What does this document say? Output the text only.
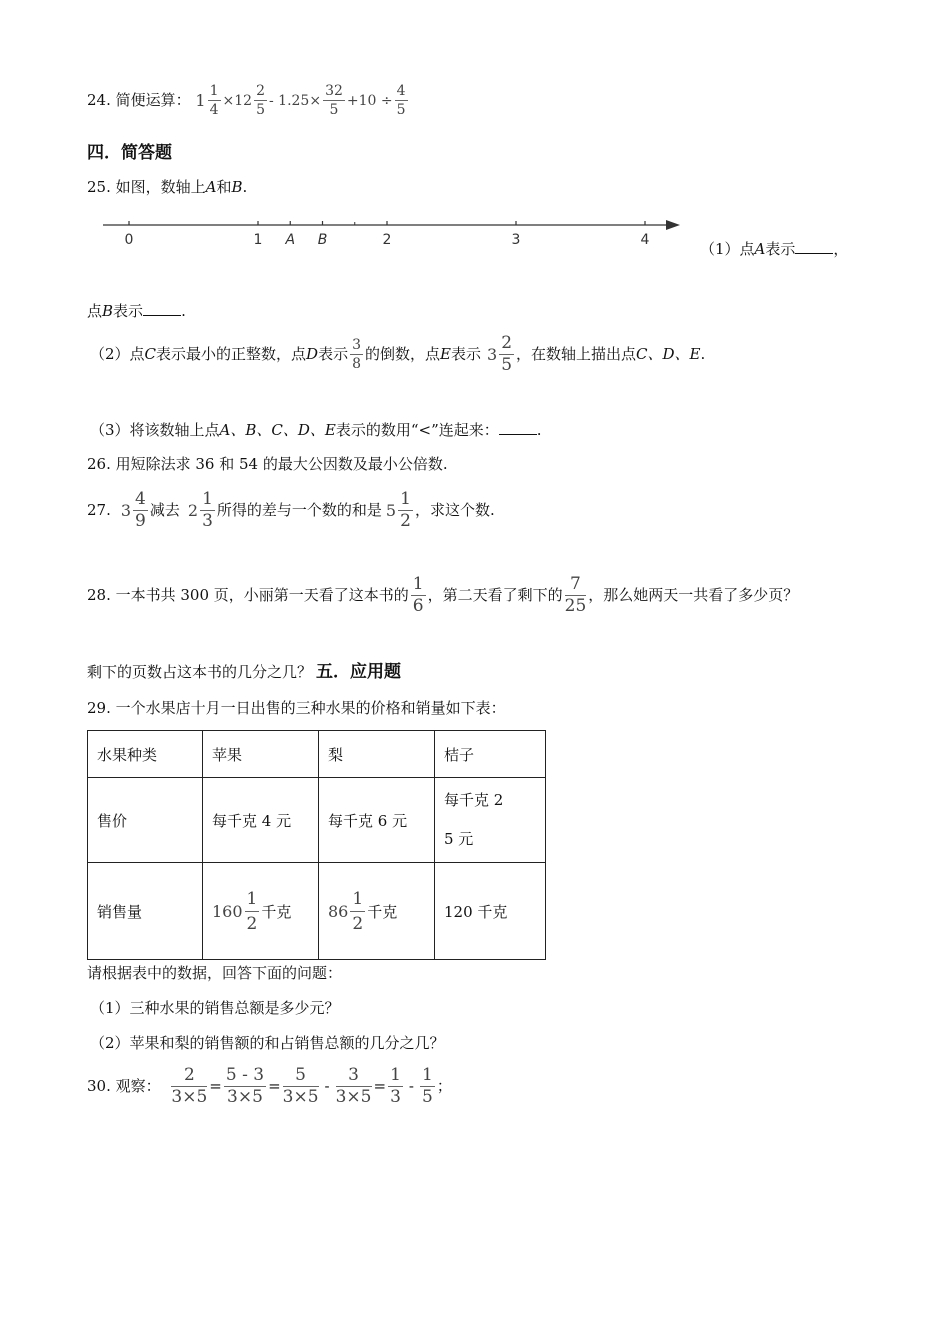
24. 简便运算： $1 \frac{1}{4} \times 12 \frac{2}{5} - 1.25\times \frac{32}{5} +10 \div \frac{4}{5}$
四．简答题
25. 如图，数轴上A和B.
0	1	2	3	4
A B	（1）点A表示	，
点B表示	.
（2）点C表示最小的正整数，点D表示 $\frac{3}{8}$ 的倒数，点E表示 $3 \frac{2}{5}$ ，在数轴上描出点C、D、E.
（3）将该数轴上点A、B、C、D、E表示的数用“<”连起来：	.
26. 用短除法求 36 和 54 的最大公因数及最小公倍数.
27. $3 \frac{4}{9}$ 减去 $2 \frac{1}{3}$ 所得的差与一个数的和是 $5 \frac{1}{2}$ ，求这个数.
28. 一本书共 300 页，小丽第一天看了这本书的 $\frac{1}{6}$ ，第二天看了剩下的 $\frac{7}{25}$ ，那么她两天一共看了多少页？
剩下的页数占这本书的几分之几？ 五．应用题
29. 一个水果店十月一日出售的三种水果的价格和销量如下表：
水果种类	苹果	梨	桔子
售价	每千克 4 元	每千克 6 元	每千克 2
5 元

销售量	$160 \frac{1}{2}$ 千克	$86 \frac{1}{2}$ 千克	120 千克
请根据表中的数据，回答下面的问题：
（1）三种水果的销售总额是多少元？
（2）苹果和梨的销售额的和占销售总额的几分之几？
30. 观察： $\frac{2}{3\times 5} = \frac{5 - 3}{3\times 5} = \frac{5}{3\times 5} - \frac{3}{3\times 5} = \frac{1}{3} - \frac{1}{5}$ ；
